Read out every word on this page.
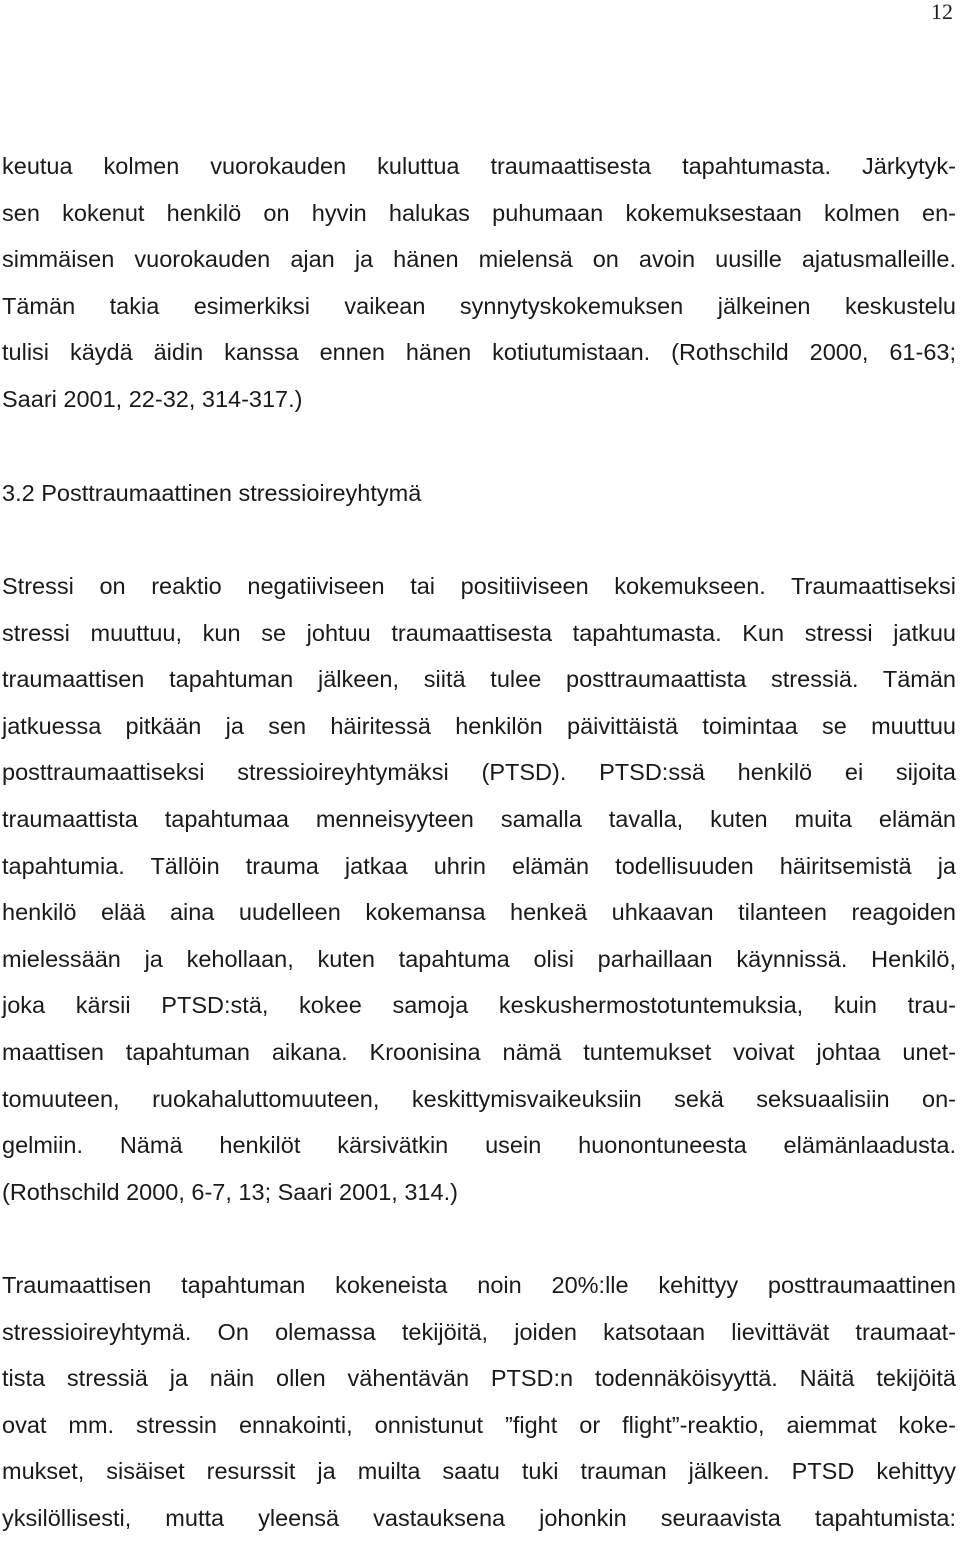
12
keutua kolmen vuorokauden kuluttua traumaattisesta tapahtumasta. Järkytyk-
sen kokenut henkilö on hyvin halukas puhumaan kokemuksestaan kolmen en-
simmäisen vuorokauden ajan ja hänen mielensä on avoin uusille ajatusmalleille.
Tämän takia esimerkiksi vaikean synnytyskokemuksen jälkeinen keskustelu
tulisi käydä äidin kanssa ennen hänen kotiutumistaan. (Rothschild 2000, 61-63;
Saari 2001, 22-32, 314-317.)
3.2 Posttraumaattinen stressioireyhtymä
Stressi on reaktio negatiiviseen tai positiiviseen kokemukseen. Traumaattiseksi
stressi muuttuu, kun se johtuu traumaattisesta tapahtumasta. Kun stressi jatkuu
traumaattisen tapahtuman jälkeen, siitä tulee posttraumaattista stressiä. Tämän
jatkuessa pitkään ja sen häiritessä henkilön päivittäistä toimintaa se muuttuu
posttraumaattiseksi stressioireyhtymäksi (PTSD). PTSD:ssä henkilö ei sijoita
traumaattista tapahtumaa menneisyyteen samalla tavalla, kuten muita elämän
tapahtumia. Tällöin trauma jatkaa uhrin elämän todellisuuden häiritsemistä ja
henkilö elää aina uudelleen kokemansa henkeä uhkaavan tilanteen reagoiden
mielessään ja kehollaan, kuten tapahtuma olisi parhaillaan käynnissä. Henkilö,
joka kärsii PTSD:stä, kokee samoja keskushermostotuntemuksia, kuin trau-
maattisen tapahtuman aikana. Kroonisina nämä tuntemukset voivat johtaa unet-
tomuuteen, ruokahaluttomuuteen, keskittymisvaikeuksiin sekä seksuaalisiin on-
gelmiin. Nämä henkilöt kärsivätkin usein huonontuneesta elämänlaadusta.
(Rothschild 2000, 6-7, 13; Saari 2001, 314.)
Traumaattisen tapahtuman kokeneista noin 20%:lle kehittyy posttraumaattinen
stressioireyhtymä. On olemassa tekijöitä, joiden katsotaan lievittävät traumaat-
tista stressiä ja näin ollen vähentävän PTSD:n todennäköisyyttä. Näitä tekijöitä
ovat mm. stressin ennakointi, onnistunut ”fight or flight”-reaktio, aiemmat koke-
mukset, sisäiset resurssit ja muilta saatu tuki trauman jälkeen. PTSD kehittyy
yksilöllisesti, mutta yleensä vastauksena johonkin seuraavista tapahtumista:
